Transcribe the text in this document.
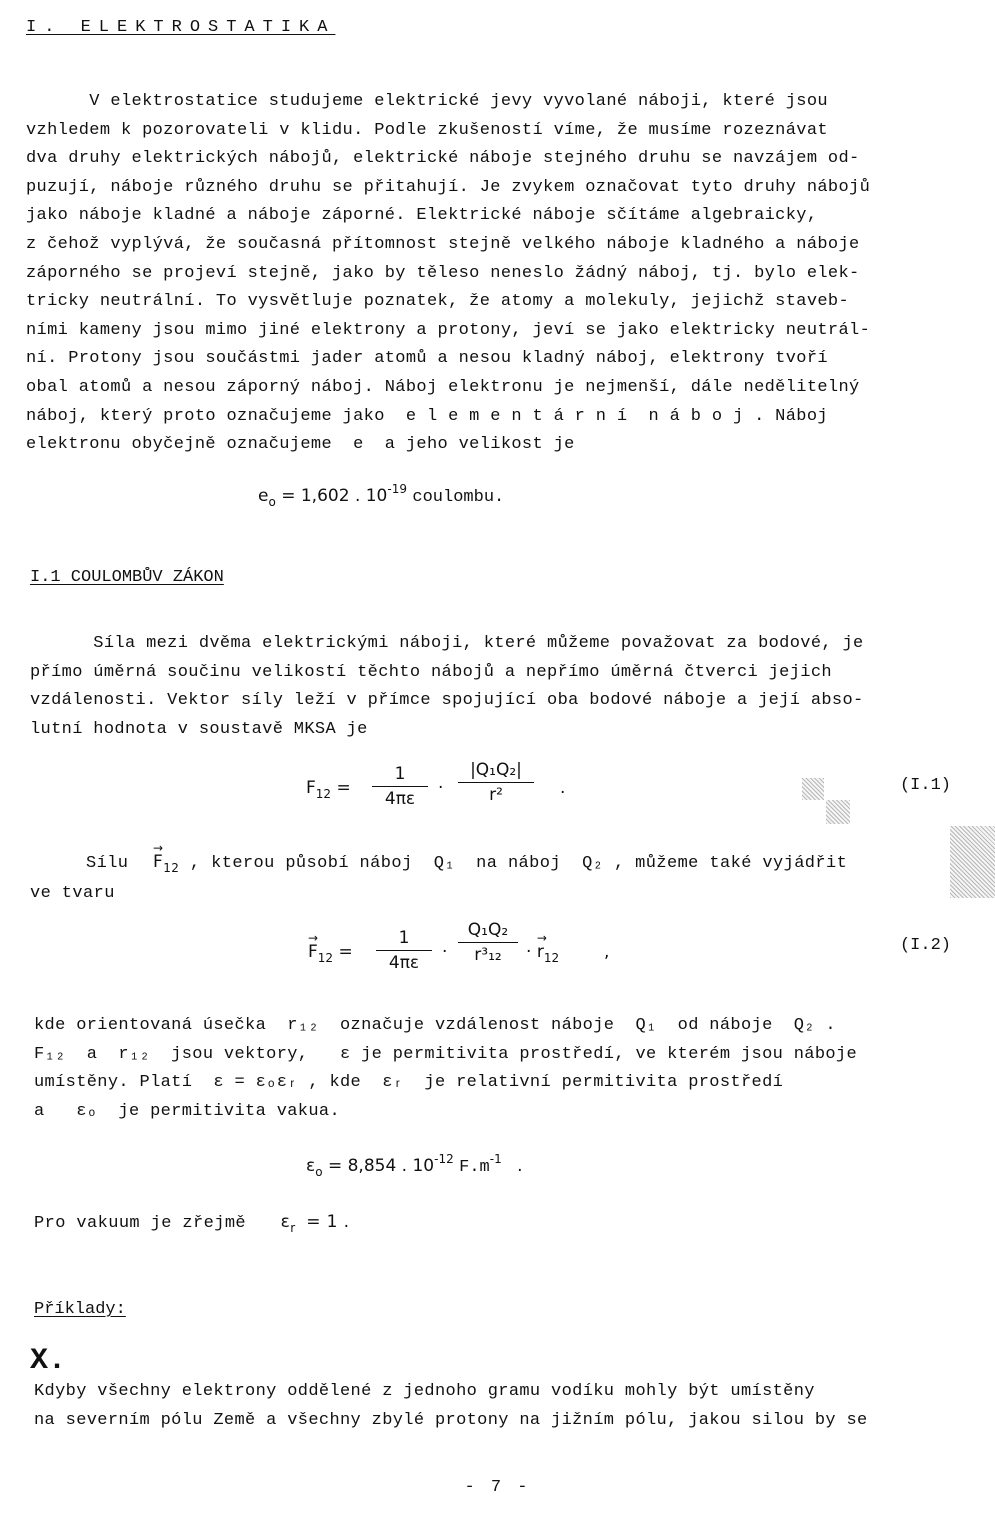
I. ELEKTROSTATIKA
V elektrostatice studujeme elektrické jevy vyvolané náboji, které jsou
vzhledem k pozorovateli v klidu. Podle zkušeností víme, že musíme rozeznávat
dva druhy elektrických nábojů, elektrické náboje stejného druhu se navzájem od-
puzují, náboje různého druhu se přitahují. Je zvykem označovat tyto druhy nábojů
jako náboje kladné a náboje záporné. Elektrické náboje sčítáme algebraicky,
z čehož vyplývá, že současná přítomnost stejně velkého náboje kladného a náboje
záporného se projeví stejně, jako by těleso neneslo žádný náboj, tj. bylo elek-
tricky neutrální. To vysvětluje poznatek, že atomy a molekuly, jejichž staveb-
ními kameny jsou mimo jiné elektrony a protony, jeví se jako elektricky neutrál-
ní. Protony jsou součástmi jader atomů a nesou kladný náboj, elektrony tvoří
obal atomů a nesou záporný náboj. Náboj elektronu je nejmenší, dále nedělitelný
náboj, který proto označujeme jako  e l e m e n t á r n í  n á b o j . Náboj
elektronu obyčejně označujeme  e  a jeho velikost je
$e_o = 1,602$ . $10^{-19}$ coulombu.
I.1 COULOMBŮV ZÁKON
Síla mezi dvěma elektrickými náboji, které můžeme považovat za bodové, je
přímo úměrná součinu velikostí těchto nábojů a nepřímo úměrná čtverci jejich
vzdálenosti. Vektor síly leží v přímce spojující oba bodové náboje a její abso-
lutní hodnota v soustavě MKSA je
$F_{12} = \frac{1}{4\pi\varepsilon} \cdot \frac{\text{|Q₁Q₂|}}{\text{r²}}$ .	(I.1)
Sílu → $F_{12}$ , kterou působí náboj  Q₁  na náboj  Q₂ , můžeme také vyjádřit
ve tvaru
→ $F_{12} = \frac{1}{4\pi\varepsilon} \cdot \frac{\text{Q₁Q₂}}{\text{r³₁₂}}$ · → $r_{12}$	,	(I.2)
kde orientovaná úsečka  r₁₂  označuje vzdálenost náboje  Q₁  od náboje  Q₂ .
F₁₂  a  r₁₂  jsou vektory,   ε je permitivita prostředí, ve kterém jsou náboje
umístěny. Platí  ε = εₒεᵣ , kde  εᵣ  je relativní permitivita prostředí
a   εₒ  je permitivita vakua.
$\varepsilon_o = 8,854$ . $10^{-12}$ $F.m^{-1}$ .
Pro vakuum je zřejmě $\varepsilon_r = 1$ .
Příklady:
X.
Kdyby všechny elektrony oddělené z jednoho gramu vodíku mohly být umístěny
na severním pólu Země a všechny zbylé protony na jižním pólu, jakou silou by se
- 7 -
